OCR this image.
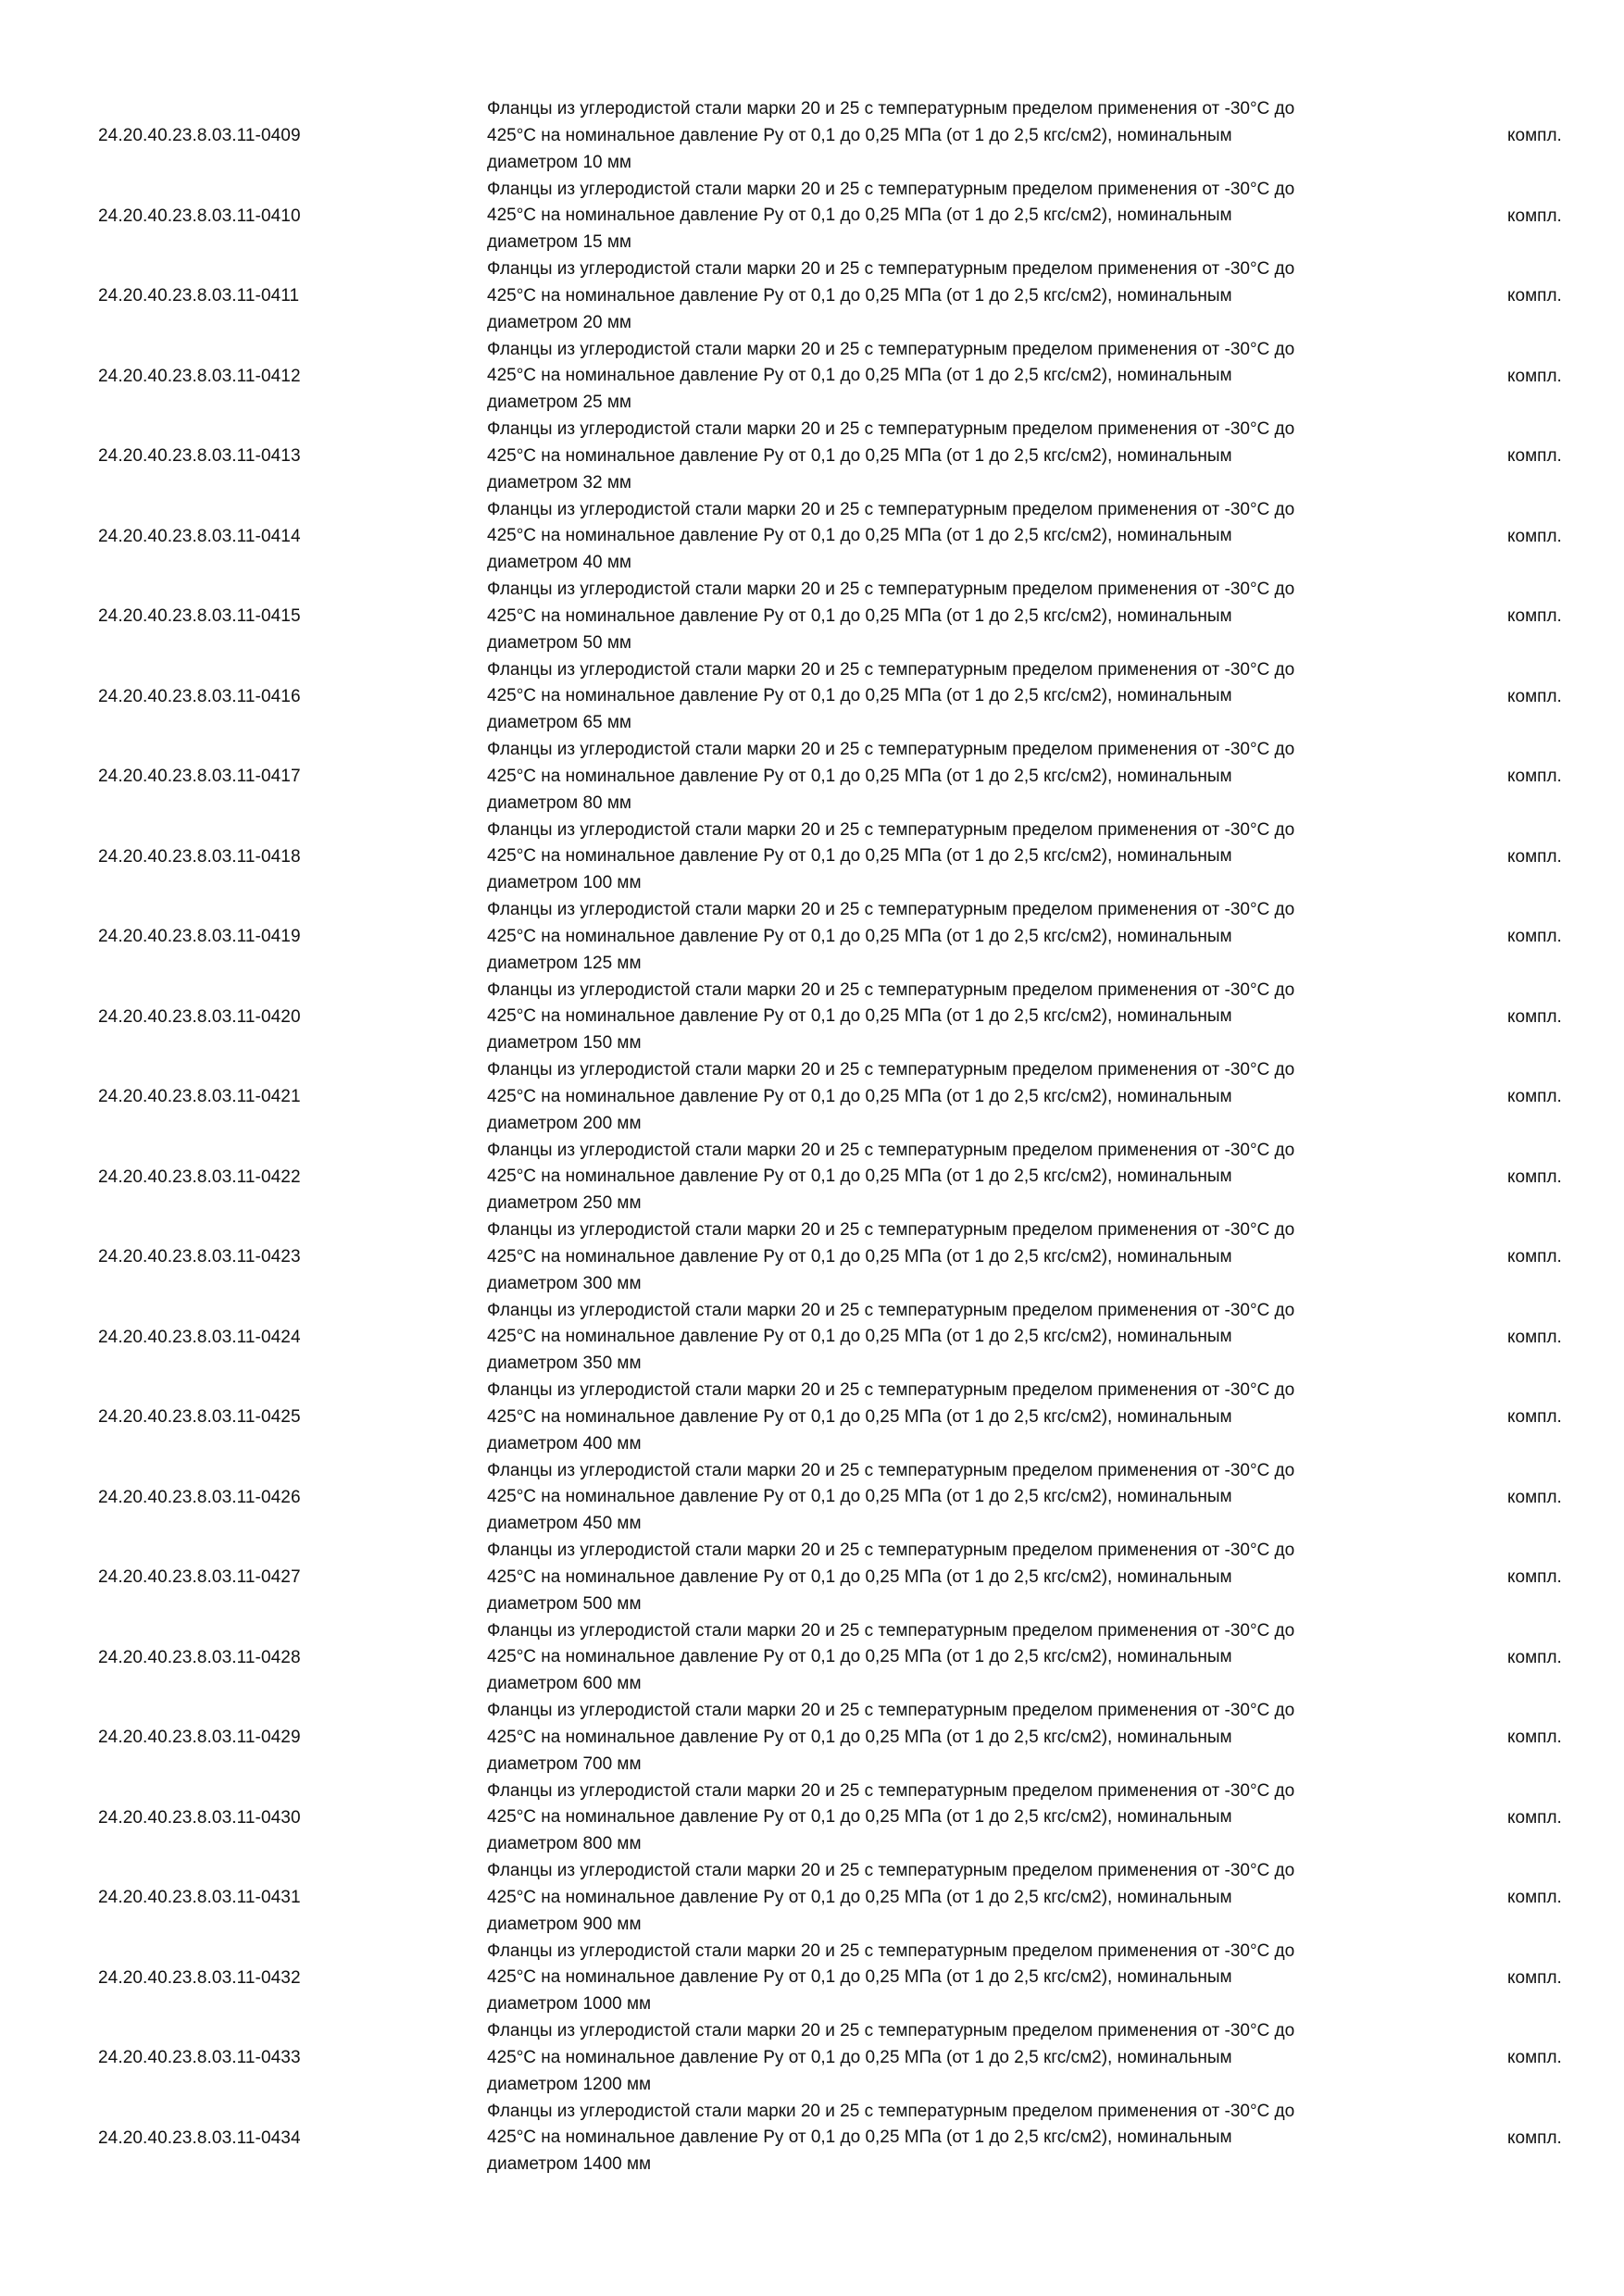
24.20.40.23.8.03.11-0409

Фланцы из углеродистой стали марки 20 и 25 с температурным пределом применения от -30°С до
425°С на номинальное давление Ру от 0,1 до 0,25 МПа (от 1 до 2,5 кгс/см2), номинальным
диаметром 10 мм

компл.
24.20.40.23.8.03.11-0410

Фланцы из углеродистой стали марки 20 и 25 с температурным пределом применения от -30°С до
425°С на номинальное давление Ру от 0,1 до 0,25 МПа (от 1 до 2,5 кгс/см2), номинальным
диаметром 15 мм

компл.
24.20.40.23.8.03.11-0411

Фланцы из углеродистой стали марки 20 и 25 с температурным пределом применения от -30°С до
425°С на номинальное давление Ру от 0,1 до 0,25 МПа (от 1 до 2,5 кгс/см2), номинальным
диаметром 20 мм

компл.
24.20.40.23.8.03.11-0412

Фланцы из углеродистой стали марки 20 и 25 с температурным пределом применения от -30°С до
425°С на номинальное давление Ру от 0,1 до 0,25 МПа (от 1 до 2,5 кгс/см2), номинальным
диаметром 25 мм

компл.
24.20.40.23.8.03.11-0413

Фланцы из углеродистой стали марки 20 и 25 с температурным пределом применения от -30°С до
425°С на номинальное давление Ру от 0,1 до 0,25 МПа (от 1 до 2,5 кгс/см2), номинальным
диаметром 32 мм

компл.
24.20.40.23.8.03.11-0414

Фланцы из углеродистой стали марки 20 и 25 с температурным пределом применения от -30°С до
425°С на номинальное давление Ру от 0,1 до 0,25 МПа (от 1 до 2,5 кгс/см2), номинальным
диаметром 40 мм

компл.
24.20.40.23.8.03.11-0415

Фланцы из углеродистой стали марки 20 и 25 с температурным пределом применения от -30°С до
425°С на номинальное давление Ру от 0,1 до 0,25 МПа (от 1 до 2,5 кгс/см2), номинальным
диаметром 50 мм

компл.
24.20.40.23.8.03.11-0416

Фланцы из углеродистой стали марки 20 и 25 с температурным пределом применения от -30°С до
425°С на номинальное давление Ру от 0,1 до 0,25 МПа (от 1 до 2,5 кгс/см2), номинальным
диаметром 65 мм

компл.
24.20.40.23.8.03.11-0417

Фланцы из углеродистой стали марки 20 и 25 с температурным пределом применения от -30°С до
425°С на номинальное давление Ру от 0,1 до 0,25 МПа (от 1 до 2,5 кгс/см2), номинальным
диаметром 80 мм

компл.
24.20.40.23.8.03.11-0418

Фланцы из углеродистой стали марки 20 и 25 с температурным пределом применения от -30°С до
425°С на номинальное давление Ру от 0,1 до 0,25 МПа (от 1 до 2,5 кгс/см2), номинальным
диаметром 100 мм

компл.
24.20.40.23.8.03.11-0419

Фланцы из углеродистой стали марки 20 и 25 с температурным пределом применения от -30°С до
425°С на номинальное давление Ру от 0,1 до 0,25 МПа (от 1 до 2,5 кгс/см2), номинальным
диаметром 125 мм

компл.
24.20.40.23.8.03.11-0420

Фланцы из углеродистой стали марки 20 и 25 с температурным пределом применения от -30°С до
425°С на номинальное давление Ру от 0,1 до 0,25 МПа (от 1 до 2,5 кгс/см2), номинальным
диаметром 150 мм

компл.
24.20.40.23.8.03.11-0421

Фланцы из углеродистой стали марки 20 и 25 с температурным пределом применения от -30°С до
425°С на номинальное давление Ру от 0,1 до 0,25 МПа (от 1 до 2,5 кгс/см2), номинальным
диаметром 200 мм

компл.
24.20.40.23.8.03.11-0422

Фланцы из углеродистой стали марки 20 и 25 с температурным пределом применения от -30°С до
425°С на номинальное давление Ру от 0,1 до 0,25 МПа (от 1 до 2,5 кгс/см2), номинальным
диаметром 250 мм

компл.
24.20.40.23.8.03.11-0423

Фланцы из углеродистой стали марки 20 и 25 с температурным пределом применения от -30°С до
425°С на номинальное давление Ру от 0,1 до 0,25 МПа (от 1 до 2,5 кгс/см2), номинальным
диаметром 300 мм

компл.
24.20.40.23.8.03.11-0424

Фланцы из углеродистой стали марки 20 и 25 с температурным пределом применения от -30°С до
425°С на номинальное давление Ру от 0,1 до 0,25 МПа (от 1 до 2,5 кгс/см2), номинальным
диаметром 350 мм

компл.
24.20.40.23.8.03.11-0425

Фланцы из углеродистой стали марки 20 и 25 с температурным пределом применения от -30°С до
425°С на номинальное давление Ру от 0,1 до 0,25 МПа (от 1 до 2,5 кгс/см2), номинальным
диаметром 400 мм

компл.
24.20.40.23.8.03.11-0426

Фланцы из углеродистой стали марки 20 и 25 с температурным пределом применения от -30°С до
425°С на номинальное давление Ру от 0,1 до 0,25 МПа (от 1 до 2,5 кгс/см2), номинальным
диаметром 450 мм

компл.
24.20.40.23.8.03.11-0427

Фланцы из углеродистой стали марки 20 и 25 с температурным пределом применения от -30°С до
425°С на номинальное давление Ру от 0,1 до 0,25 МПа (от 1 до 2,5 кгс/см2), номинальным
диаметром 500 мм

компл.
24.20.40.23.8.03.11-0428

Фланцы из углеродистой стали марки 20 и 25 с температурным пределом применения от -30°С до
425°С на номинальное давление Ру от 0,1 до 0,25 МПа (от 1 до 2,5 кгс/см2), номинальным
диаметром 600 мм

компл.
24.20.40.23.8.03.11-0429

Фланцы из углеродистой стали марки 20 и 25 с температурным пределом применения от -30°С до
425°С на номинальное давление Ру от 0,1 до 0,25 МПа (от 1 до 2,5 кгс/см2), номинальным
диаметром 700 мм

компл.
24.20.40.23.8.03.11-0430

Фланцы из углеродистой стали марки 20 и 25 с температурным пределом применения от -30°С до
425°С на номинальное давление Ру от 0,1 до 0,25 МПа (от 1 до 2,5 кгс/см2), номинальным
диаметром 800 мм

компл.
24.20.40.23.8.03.11-0431

Фланцы из углеродистой стали марки 20 и 25 с температурным пределом применения от -30°С до
425°С на номинальное давление Ру от 0,1 до 0,25 МПа (от 1 до 2,5 кгс/см2), номинальным
диаметром 900 мм

компл.
24.20.40.23.8.03.11-0432

Фланцы из углеродистой стали марки 20 и 25 с температурным пределом применения от -30°С до
425°С на номинальное давление Ру от 0,1 до 0,25 МПа (от 1 до 2,5 кгс/см2), номинальным
диаметром 1000 мм

компл.
24.20.40.23.8.03.11-0433

Фланцы из углеродистой стали марки 20 и 25 с температурным пределом применения от -30°С до
425°С на номинальное давление Ру от 0,1 до 0,25 МПа (от 1 до 2,5 кгс/см2), номинальным
диаметром 1200 мм

компл.
24.20.40.23.8.03.11-0434

Фланцы из углеродистой стали марки 20 и 25 с температурным пределом применения от -30°С до
425°С на номинальное давление Ру от 0,1 до 0,25 МПа (от 1 до 2,5 кгс/см2), номинальным
диаметром 1400 мм

компл.
